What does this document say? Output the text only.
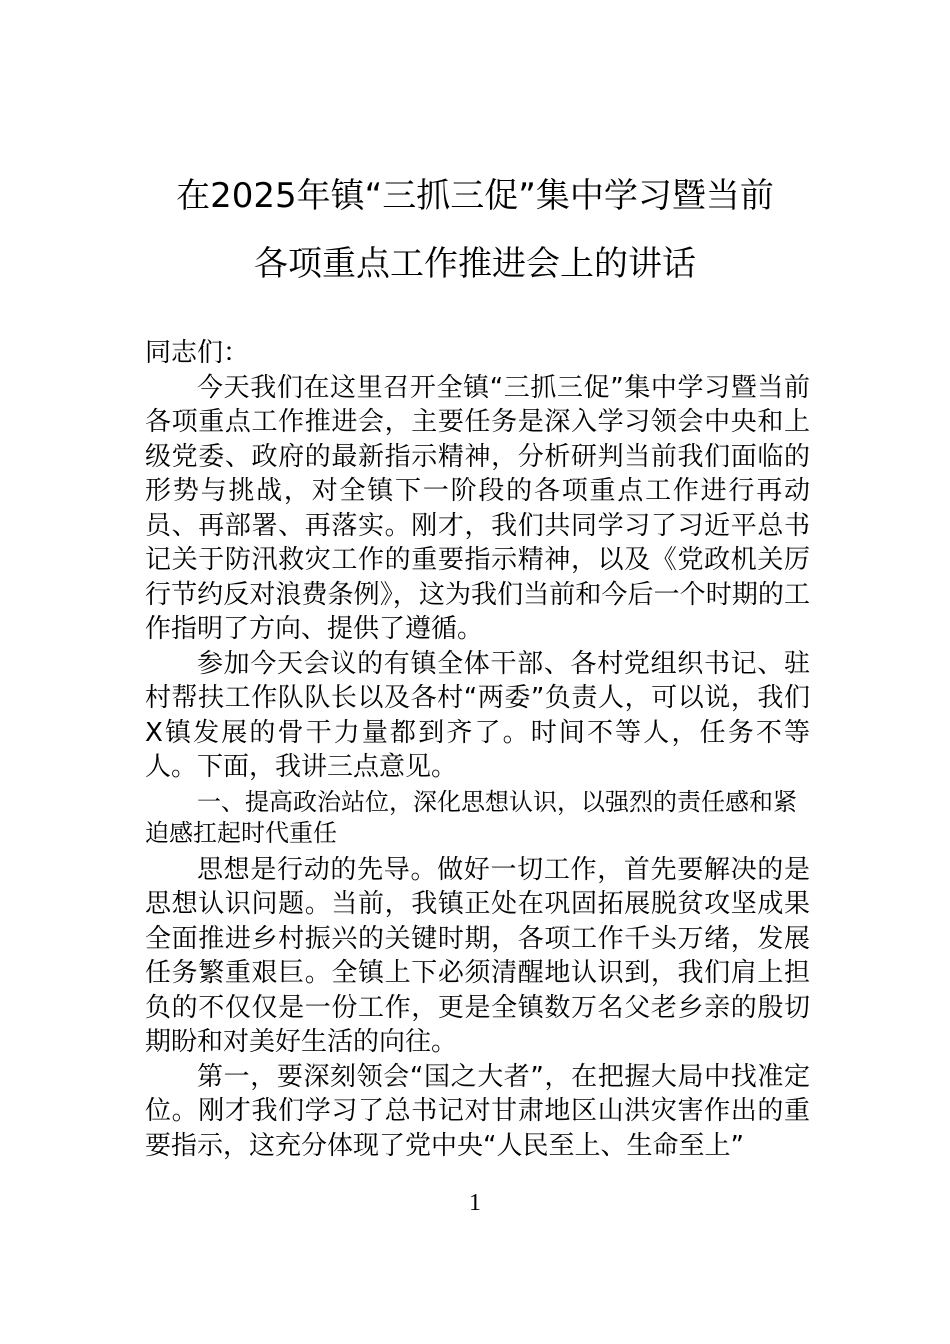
在2025年镇“三抓三促”集中学习暨当前
各项重点工作推进会上的讲话

同志们：

今天我们在这里召开全镇“三抓三促”集中学习暨当前各项重点工作推进会，主要任务是深入学习领会中央和上级党委、政府的最新指示精神，分析研判当前我们面临的形势与挑战，对全镇下一阶段的各项重点工作进行再动员、再部署、再落实。刚才，我们共同学习了习近平总书记关于防汛救灾工作的重要指示精神，以及《党政机关厉行节约反对浪费条例》，这为我们当前和今后一个时期的工作指明了方向、提供了遵循。

参加今天会议的有镇全体干部、各村党组织书记、驻村帮扶工作队队长以及各村“两委”负责人，可以说，我们X镇发展的骨干力量都到齐了。时间不等人，任务不等人。下面，我讲三点意见。

一、提高政治站位，深化思想认识，以强烈的责任感和紧迫感扛起时代重任

思想是行动的先导。做好一切工作，首先要解决的是思想认识问题。当前，我镇正处在巩固拓展脱贫攻坚成果全面推进乡村振兴的关键时期，各项工作千头万绪，发展任务繁重艰巨。全镇上下必须清醒地认识到，我们肩上担负的不仅仅是一份工作，更是全镇数万名父老乡亲的殷切期盼和对美好生活的向往。

第一，要深刻领会“国之大者”，在把握大局中找准定位。刚才我们学习了总书记对甘肃地区山洪灾害作出的重要指示，这充分体现了党中央“人民至上、生命至上”

1
